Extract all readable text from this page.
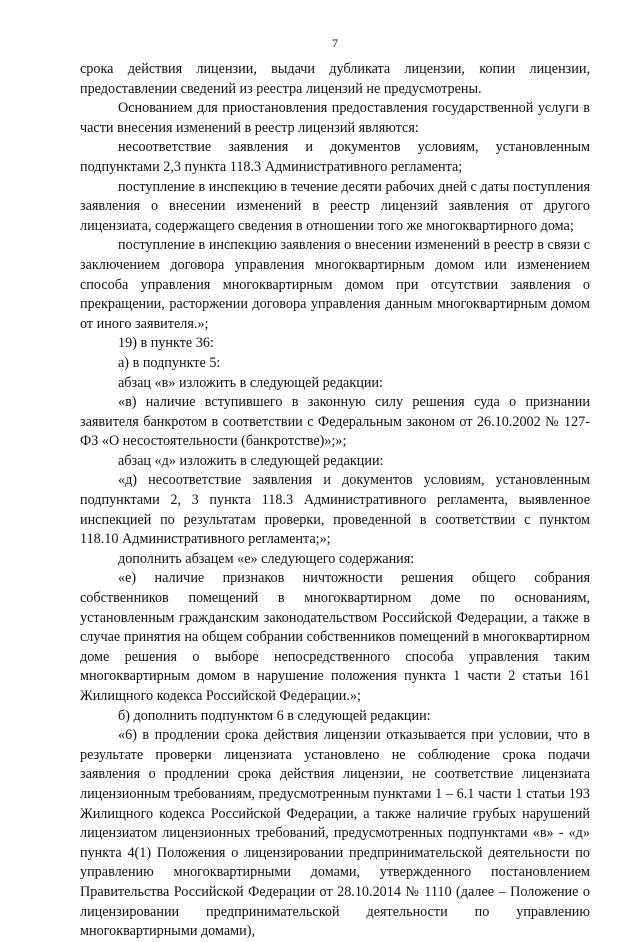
7

срока действия лицензии, выдачи дубликата лицензии, копии лицензии, предоставлении сведений из реестра лицензий не предусмотрены.

Основанием для приостановления предоставления государственной услуги в части внесения изменений в реестр лицензий являются:

несоответствие заявления и документов условиям, установленным подпунктами 2,3 пункта 118.3 Административного регламента;

поступление в инспекцию в течение десяти рабочих дней с даты поступления заявления о внесении изменений в реестр лицензий заявления от другого лицензиата, содержащего сведения в отношении того же многоквартирного дома;

поступление в инспекцию заявления о внесении изменений в реестр в связи с заключением договора управления многоквартирным домом или изменением способа управления многоквартирным домом при отсутствии заявления о прекращении, расторжении договора управления данным многоквартирным домом от иного заявителя.»;

19) в пункте 36:

а) в подпункте 5:

абзац «в» изложить в следующей редакции:

«в) наличие вступившего в законную силу решения суда о признании заявителя банкротом в соответствии с Федеральным законом от 26.10.2002 № 127-ФЗ «О несостоятельности (банкротстве)»;»;

абзац «д» изложить в следующей редакции:

«д) несоответствие заявления и документов условиям, установленным подпунктами 2, 3 пункта 118.3 Административного регламента, выявленное инспекцией по результатам проверки, проведенной в соответствии с пунктом 118.10 Административного регламента;»;

дополнить абзацем «е» следующего содержания:

«е) наличие признаков ничтожности решения общего собрания собственников помещений в многоквартирном доме по основаниям, установленным гражданским законодательством Российской Федерации, а также в случае принятия на общем собрании собственников помещений в многоквартирном доме решения о выборе непосредственного способа управления таким многоквартирным домом в нарушение положения пункта 1 части 2 статьи 161 Жилищного кодекса Российской Федерации.»;

б) дополнить подпунктом 6 в следующей редакции:

«6) в продлении срока действия лицензии отказывается при условии, что в результате проверки лицензиата установлено не соблюдение срока подачи заявления о продлении срока действия лицензии, не соответствие лицензиата лицензионным требованиям, предусмотренным пунктами 1 – 6.1 части 1 статьи 193 Жилищного кодекса Российской Федерации, а также наличие грубых нарушений лицензиатом лицензионных требований, предусмотренных подпунктами «в» - «д» пункта 4(1) Положения о лицензировании предпринимательской деятельности по управлению многоквартирными домами, утвержденного постановлением Правительства Российской Федерации от 28.10.2014 № 1110 (далее – Положение о лицензировании предпринимательской деятельности по управлению многоквартирными домами),
